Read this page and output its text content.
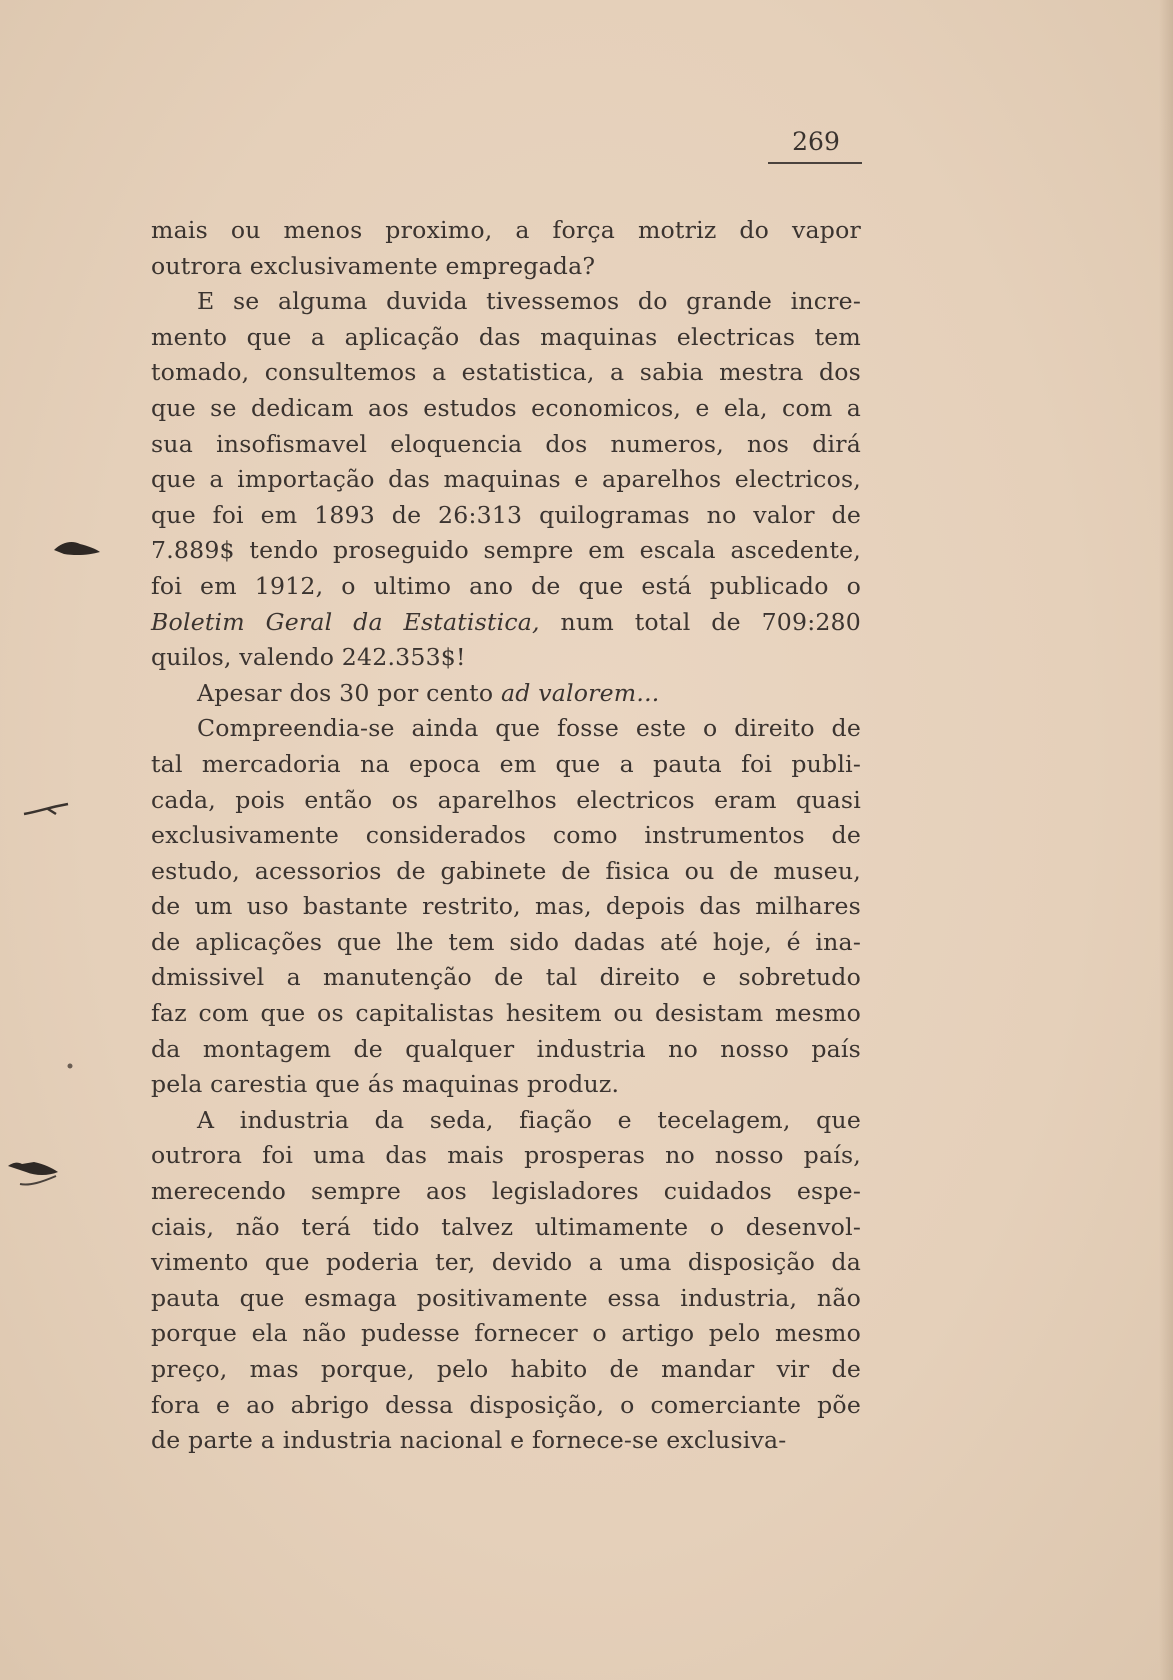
269
mais ou menos proximo, a força motriz do vapor
outrora exclusivamente empregada?
E se alguma duvida tivessemos do grande incre-
mento que a aplicação das maquinas electricas tem
tomado, consultemos a estatistica, a sabia mestra dos
que se dedicam aos estudos economicos, e ela, com a
sua insofismavel eloquencia dos numeros, nos dirá
que a importação das maquinas e aparelhos electricos,
que foi em 1893 de 26:313 quilogramas no valor de
7.889$ tendo proseguido sempre em escala ascedente,
foi em 1912, o ultimo ano de que está publicado o
Boletim Geral da Estatistica, num total de 709:280
quilos, valendo 242.353$!
Apesar dos 30 por cento ad valorem...
Compreendia-se ainda que fosse este o direito de
tal mercadoria na epoca em que a pauta foi publi-
cada, pois então os aparelhos electricos eram quasi
exclusivamente considerados como instrumentos de
estudo, acessorios de gabinete de fisica ou de museu,
de um uso bastante restrito, mas, depois das milhares
de aplicações que lhe tem sido dadas até hoje, é ina-
dmissivel a manutenção de tal direito e sobretudo
faz com que os capitalistas hesitem ou desistam mesmo
da montagem de qualquer industria no nosso país
pela carestia que ás maquinas produz.
A industria da seda, fiação e tecelagem, que
outrora foi uma das mais prosperas no nosso país,
merecendo sempre aos legisladores cuidados espe-
ciais, não terá tido talvez ultimamente o desenvol-
vimento que poderia ter, devido a uma disposição da
pauta que esmaga positivamente essa industria, não
porque ela não pudesse fornecer o artigo pelo mesmo
preço, mas porque, pelo habito de mandar vir de
fora e ao abrigo dessa disposição, o comerciante põe
de parte a industria nacional e fornece-se exclusiva-
